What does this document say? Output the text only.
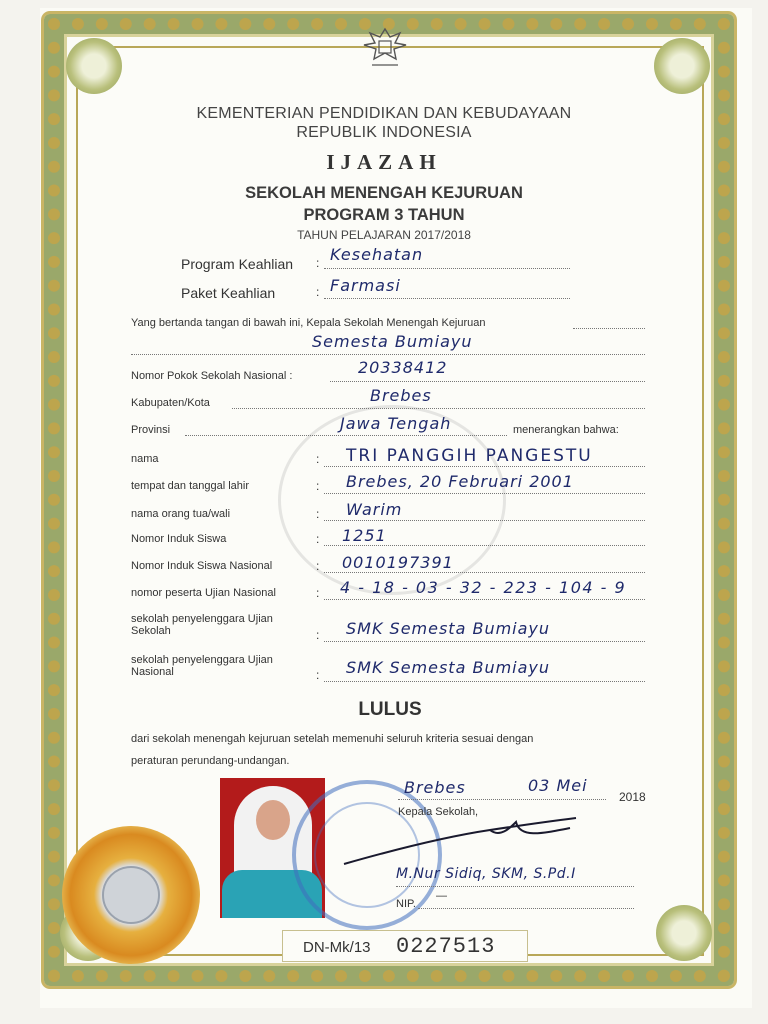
KEMENTERIAN PENDIDIKAN DAN KEBUDAYAAN
REPUBLIK INDONESIA
IJAZAH
SEKOLAH MENENGAH KEJURUAN
PROGRAM 3 TAHUN
TAHUN PELAJARAN 2017/2018
Program Keahlian : Kesehatan
Paket Keahlian	: Farmasi
Yang bertanda tangan di bawah ini, Kepala Sekolah Menengah Kejuruan
Semesta Bumiayu
Nomor Pokok Sekolah Nasional :	20338412
Kabupaten/Kota	Brebes
Provinsi	Jawa Tengah	menerangkan bahwa:
nama	: TRI PANGGIH PANGESTU
tempat dan tanggal lahir	: Brebes, 20 Februari 2001
nama orang tua/wali	: Warim
Nomor Induk Siswa	: 1251
Nomor Induk Siswa Nasional	: 0010197391
nomor peserta Ujian Nasional	: 4 - 18 - 03 - 32 - 223 - 104 - 9
sekolah penyelenggara Ujian
Sekolah	: SMK Semesta Bumiayu
sekolah penyelenggara Ujian
Nasional	: SMK Semesta Bumiayu
LULUS
dari sekolah menengah kejuruan setelah memenuhi seluruh kriteria sesuai dengan
peraturan perundang-undangan.
Brebes	03 Mei
2018
Kepala Sekolah,
M.Nur Sidiq, SKM, S.Pd.I
NIP.
—
DN-Mk/13 0227513
